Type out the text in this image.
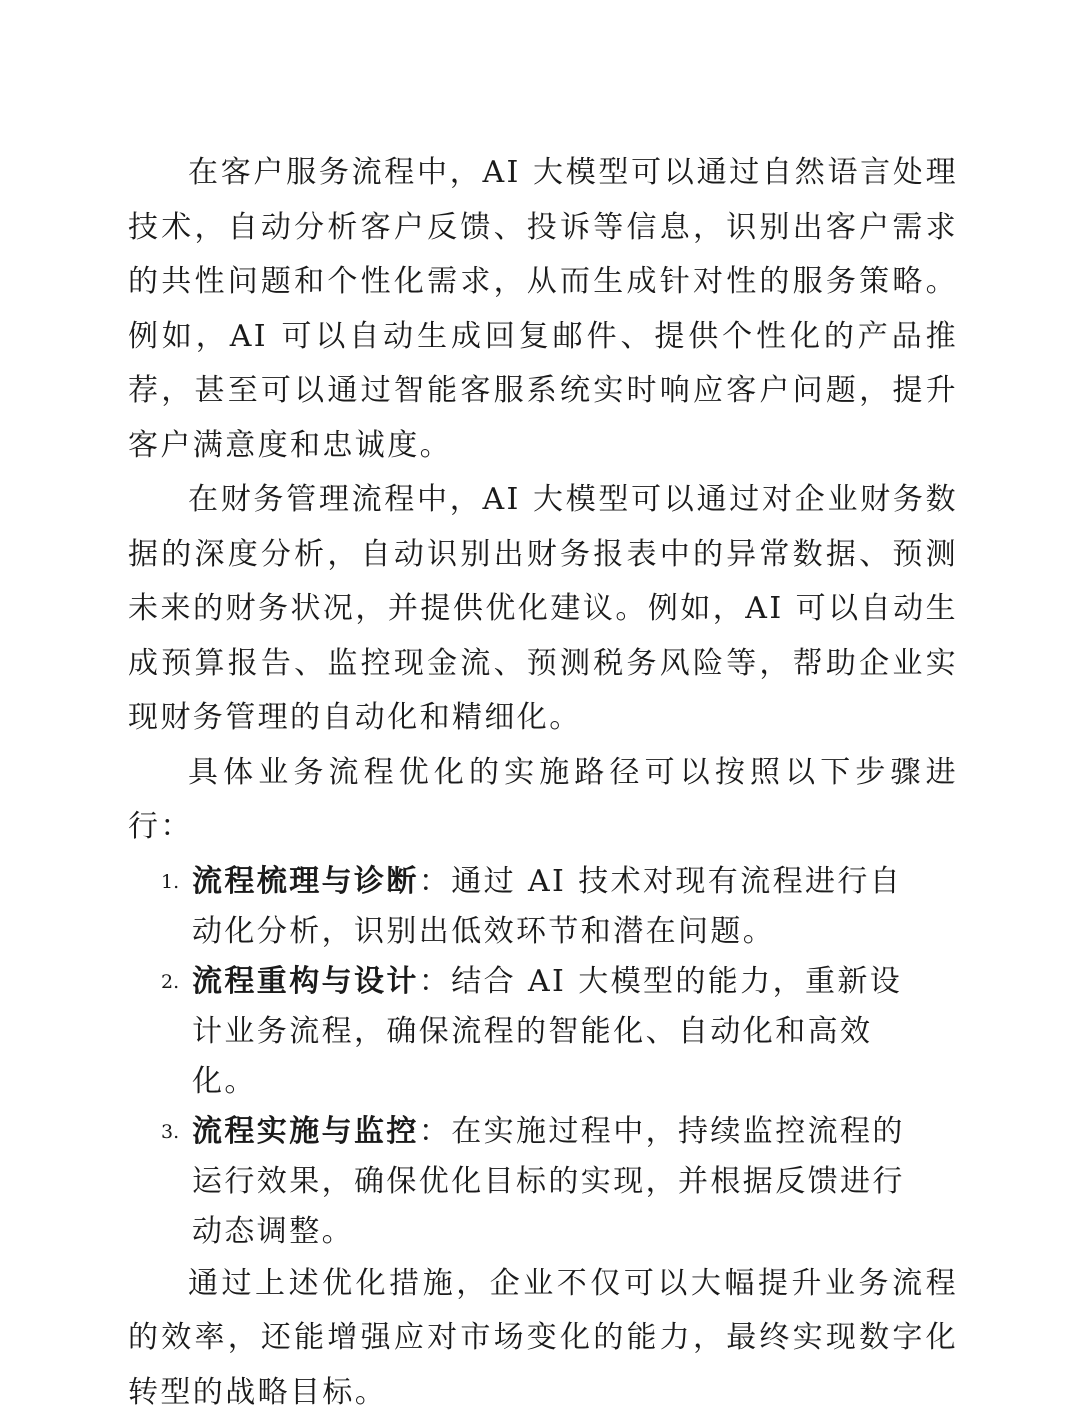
在客户服务流程中，AI 大模型可以通过自然语言处理技术，自动分析客户反馈、投诉等信息，识别出客户需求的共性问题和个性化需求，从而生成针对性的服务策略。例如，AI 可以自动生成回复邮件、提供个性化的产品推荐，甚至可以通过智能客服系统实时响应客户问题，提升客户满意度和忠诚度。

在财务管理流程中，AI 大模型可以通过对企业财务数据的深度分析，自动识别出财务报表中的异常数据、预测未来的财务状况，并提供优化建议。例如，AI 可以自动生成预算报告、监控现金流、预测税务风险等，帮助企业实现财务管理的自动化和精细化。

具体业务流程优化的实施路径可以按照以下步骤进行：

1. 流程梳理与诊断：通过 AI 技术对现有流程进行自动化分析，识别出低效环节和潜在问题。
2. 流程重构与设计：结合 AI 大模型的能力，重新设计业务流程，确保流程的智能化、自动化和高效化。
3. 流程实施与监控：在实施过程中，持续监控流程的运行效果，确保优化目标的实现，并根据反馈进行动态调整。

通过上述优化措施，企业不仅可以大幅提升业务流程的效率，还能增强应对市场变化的能力，最终实现数字化转型的战略目标。
